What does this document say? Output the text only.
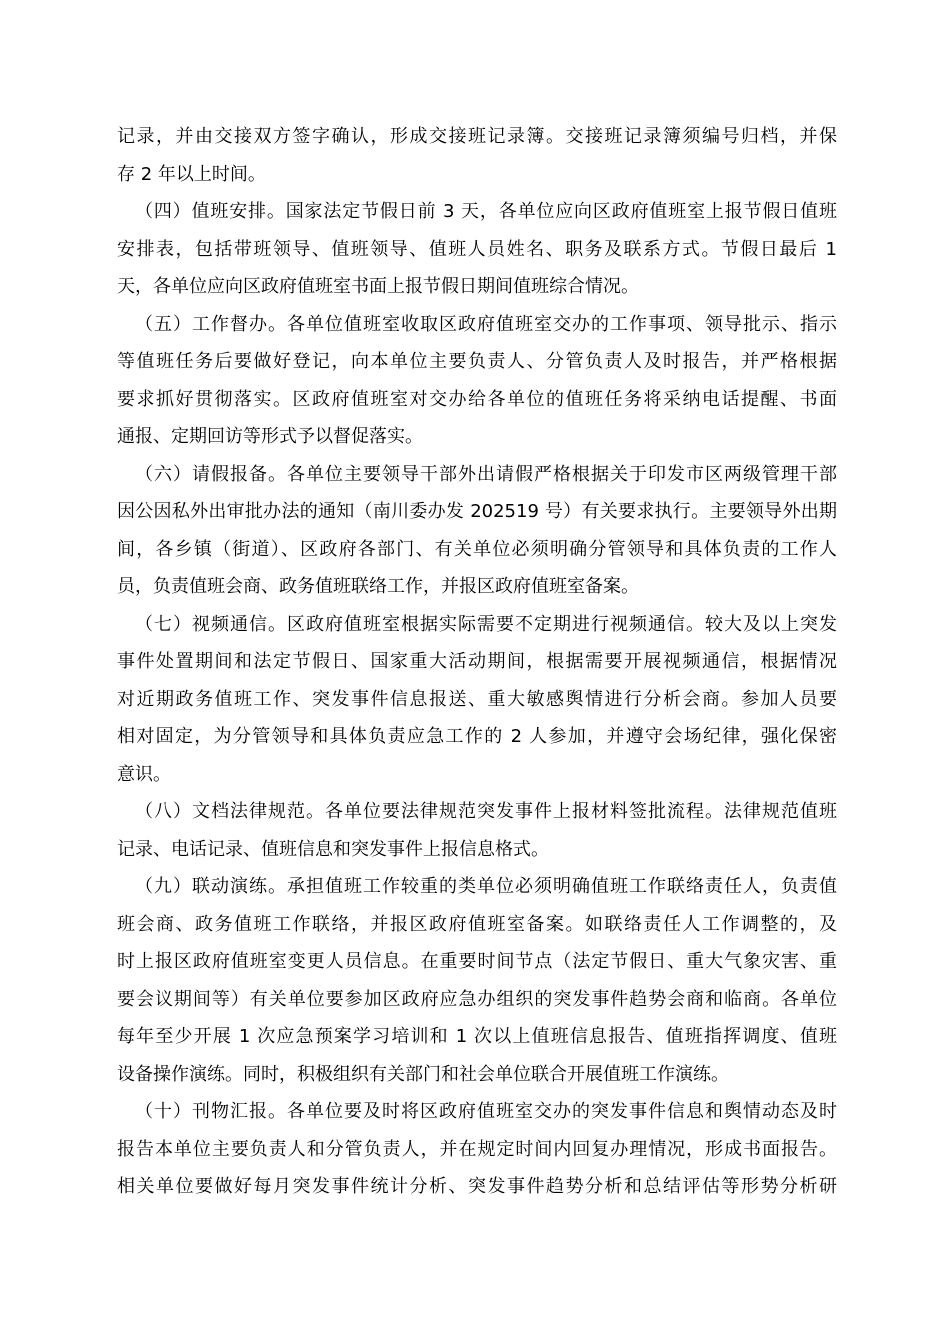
记录，并由交接双方签字确认，形成交接班记录簿。交接班记录簿须编号归档，并保
存 2 年以上时间。
（四）值班安排。国家法定节假日前 3 天，各单位应向区政府值班室上报节假日值班
安排表，包括带班领导、值班领导、值班人员姓名、职务及联系方式。节假日最后 1
天，各单位应向区政府值班室书面上报节假日期间值班综合情况。
（五）工作督办。各单位值班室收取区政府值班室交办的工作事项、领导批示、指示
等值班任务后要做好登记，向本单位主要负责人、分管负责人及时报告，并严格根据
要求抓好贯彻落实。区政府值班室对交办给各单位的值班任务将采纳电话提醒、书面
通报、定期回访等形式予以督促落实。
（六）请假报备。各单位主要领导干部外出请假严格根据关于印发市区两级管理干部
因公因私外出审批办法的通知（南川委办发 202519 号）有关要求执行。主要领导外出期
间，各乡镇（街道）、区政府各部门、有关单位必须明确分管领导和具体负责的工作人
员，负责值班会商、政务值班联络工作，并报区政府值班室备案。
（七）视频通信。区政府值班室根据实际需要不定期进行视频通信。较大及以上突发
事件处置期间和法定节假日、国家重大活动期间，根据需要开展视频通信，根据情况
对近期政务值班工作、突发事件信息报送、重大敏感舆情进行分析会商。参加人员要
相对固定，为分管领导和具体负责应急工作的 2 人参加，并遵守会场纪律，强化保密
意识。
（八）文档法律规范。各单位要法律规范突发事件上报材料签批流程。法律规范值班
记录、电话记录、值班信息和突发事件上报信息格式。
（九）联动演练。承担值班工作较重的类单位必须明确值班工作联络责任人，负责值
班会商、政务值班工作联络，并报区政府值班室备案。如联络责任人工作调整的，及
时上报区政府值班室变更人员信息。在重要时间节点（法定节假日、重大气象灾害、重
要会议期间等）有关单位要参加区政府应急办组织的突发事件趋势会商和临商。各单位
每年至少开展 1 次应急预案学习培训和 1 次以上值班信息报告、值班指挥调度、值班
设备操作演练。同时，积极组织有关部门和社会单位联合开展值班工作演练。
（十）刊物汇报。各单位要及时将区政府值班室交办的突发事件信息和舆情动态及时
报告本单位主要负责人和分管负责人，并在规定时间内回复办理情况，形成书面报告。
相关单位要做好每月突发事件统计分析、突发事件趋势分析和总结评估等形势分析研
